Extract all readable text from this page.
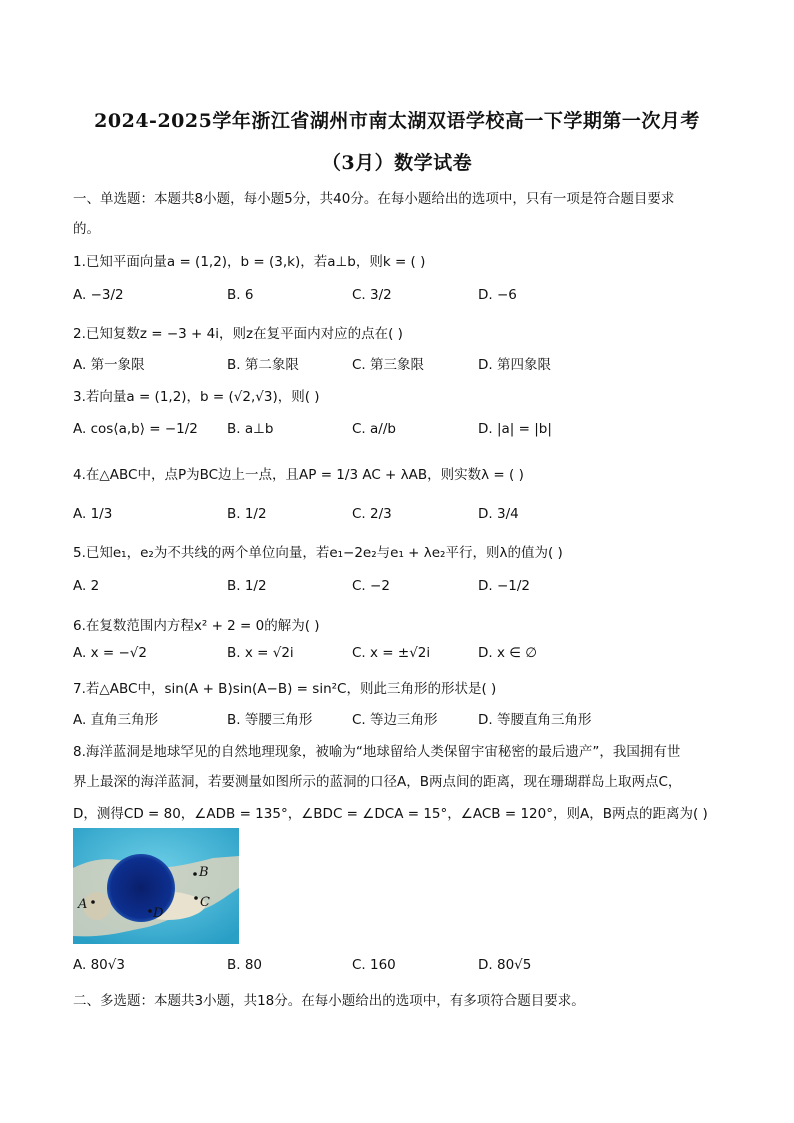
2024-2025学年浙江省湖州市南太湖双语学校高一下学期第一次月考
（3月）数学试卷
一、单选题：本题共8小题，每小题5分，共40分。在每小题给出的选项中，只有一项是符合题目要求
的。
1.已知平面向量a = (1,2)，b = (3,k)，若a⊥b，则k = ( )
A. −3/2	B. 6	C. 3/2	D. −6
2.已知复数z = −3 + 4i，则z在复平面内对应的点在( )
A. 第一象限	B. 第二象限	C. 第三象限	D. 第四象限
3.若向量a = (1,2)，b = (√2,√3)，则( )
A. cos⟨a,b⟩ = −1/2 B. a⊥b	C. a//b	D. |a| = |b|
4.在△ABC中，点P为BC边上一点，且AP = 1/3 AC + λAB，则实数λ = ( )
A. 1/3	B. 1/2	C. 2/3	D. 3/4
5.已知e₁，e₂为不共线的两个单位向量，若e₁−2e₂与e₁ + λe₂平行，则λ的值为( )
A. 2	B. 1/2	C. −2	D. −1/2
6.在复数范围内方程x² + 2 = 0的解为( )
A. x = −√2	B. x = √2i	C. x = ±√2i	D. x ∈ ∅
7.若△ABC中，sin(A + B)sin(A−B) = sin²C，则此三角形的形状是( )
A. 直角三角形	B. 等腰三角形	C. 等边三角形	D. 等腰直角三角形
8.海洋蓝洞是地球罕见的自然地理现象，被喻为“地球留给人类保留宇宙秘密的最后遗产”，我国拥有世
界上最深的海洋蓝洞，若要测量如图所示的蓝洞的口径A，B两点间的距离，现在珊瑚群岛上取两点C，
D，测得CD = 80，∠ADB = 135°，∠BDC = ∠DCA = 15°，∠ACB = 120°，则A，B两点的距离为( )
B
A	C
D
A. 80√3	B. 80	C. 160	D. 80√5
二、多选题：本题共3小题，共18分。在每小题给出的选项中，有多项符合题目要求。
